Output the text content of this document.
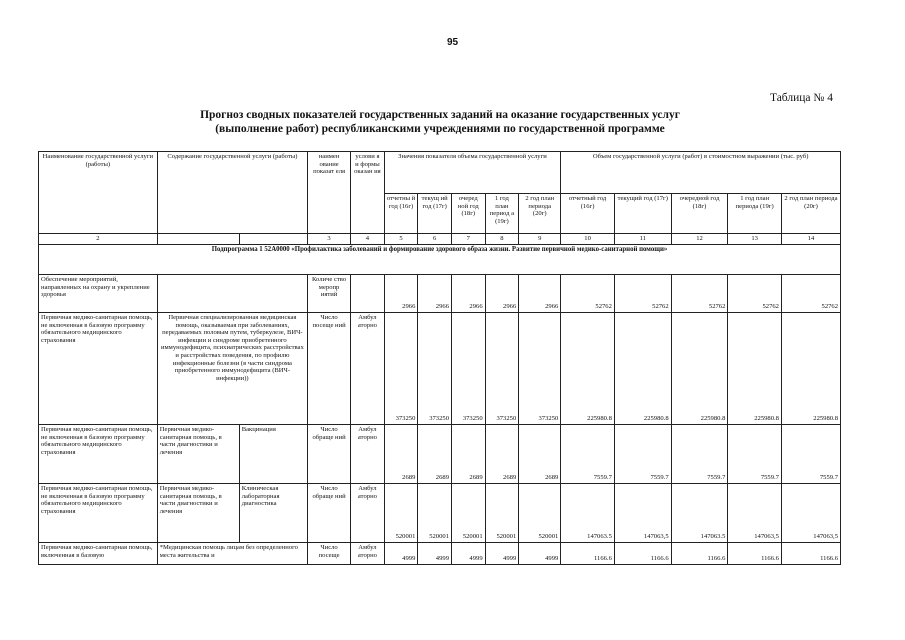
95
Таблица № 4
Прогноз сводных показателей государственных заданий на оказание государственных услуг
(выполнение работ) республиканскими учреждениями по государственной программе
Наименование государственной услуги (работы)	Содержание государственной услуги (работы)		наимен ование показат еля	услови я и формы оказан ия	Значения показателя объема государственной услуги					Объем государственной услуги (работ) в стоимостном выражении (тыс. руб)				
					отчетны й год (16г)	текущ ий год (17г)	очеред ной год (18г)	1 год план период а (19г)	2 год план периода (20г)	отчетный год (16г)	текущий год (17г)	очередной год (18г)	1 год план периода (19г)	2 год план периода (20г)
2			3	4	5	6	7	8	9	10	11	12	13	14
Подпрограмма 1 52А0000 «Профилактика заболеваний и формирование здорового образа жизни. Развитие первичной медико-санитарной помощи»														
Обеспечение мероприятий, направленных на охрану и укрепление здоровья			Количе ство меропр иятий		2966	2966	2966	2966	2966	52762	52762	52762	52762	52762
Первичная медико-санитарная помощь, не включенная в базовую программу обязательного медицинского страхования	Первичная специализированная медицинская помощь, оказываемая при заболеваниях, передаваемых половым путем, туберкулезе, ВИЧ-инфекции и синдроме приобретенного иммунодефицита, психиатрических расстройствах и расстройствах поведения, по профилю инфекционные болезни (в части синдрома приобретенного иммунодефицита (ВИЧ-инфекции))		Число посеще ний	Амбул аторно	373250	373250	373250	373250	373250	225980.8	225980.8	225980.8	225980.8	225980.8
Первичная медико-санитарная помощь, не включенная в базовую программу обязательного медицинского страхования	Первичная медико-санитарная помощь, в части диагностики и лечения	Вакцинация	Число обраще ний	Амбул аторно	2689	2689	2689	2689	2689	7559.7	7559.7	7559.7	7559.7	7559.7
Первичная медико-санитарная помощь, не включенная в базовую программу обязательного медицинского страхования	Первичная медико-санитарная помощь, в части диагностики и лечения	Клиническая лабораторная диагностика	Число обраще ний	Амбул аторно	520001	520001	520001	520001	520001	147063.5	147063,5	147063.5	147063,5	147063,5
Первичная медико-санитарная помощь, включенная в базовую	*Медицинская помощь лицам без определенного места жительства и		Число посеще	Амбул аторно	4999	4999	4999	4999	4999	1166.6	1166.6	1166.6	1166.6	1166.6
